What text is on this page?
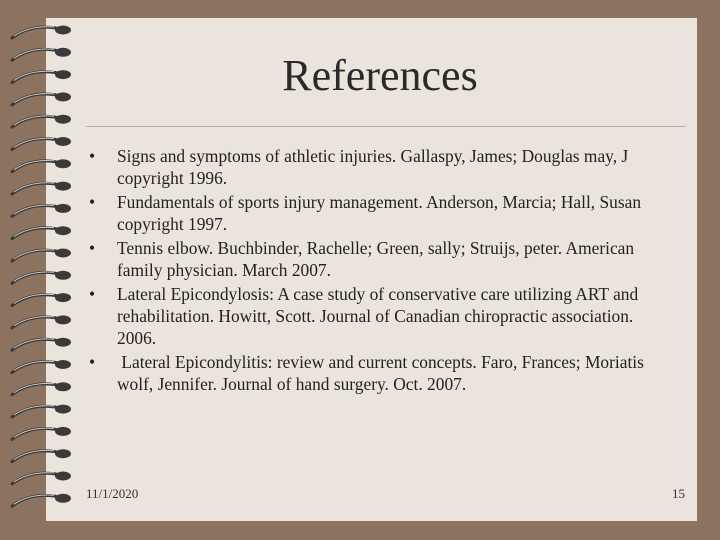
References
• Signs and symptoms of athletic injuries. Gallaspy, James; Douglas may, J copyright 1996.
• Fundamentals of sports injury management. Anderson, Marcia; Hall, Susan copyright 1997.
• Tennis elbow. Buchbinder, Rachelle; Green, sally; Struijs, peter. American family physician. March 2007.
• Lateral Epicondylosis: A case study of conservative care utilizing ART and rehabilitation. Howitt, Scott. Journal of Canadian chiropractic association. 2006.
• Lateral Epicondylitis: review and current concepts. Faro, Frances; Moriatis wolf, Jennifer. Journal of hand surgery. Oct. 2007.
11/1/2020	15
